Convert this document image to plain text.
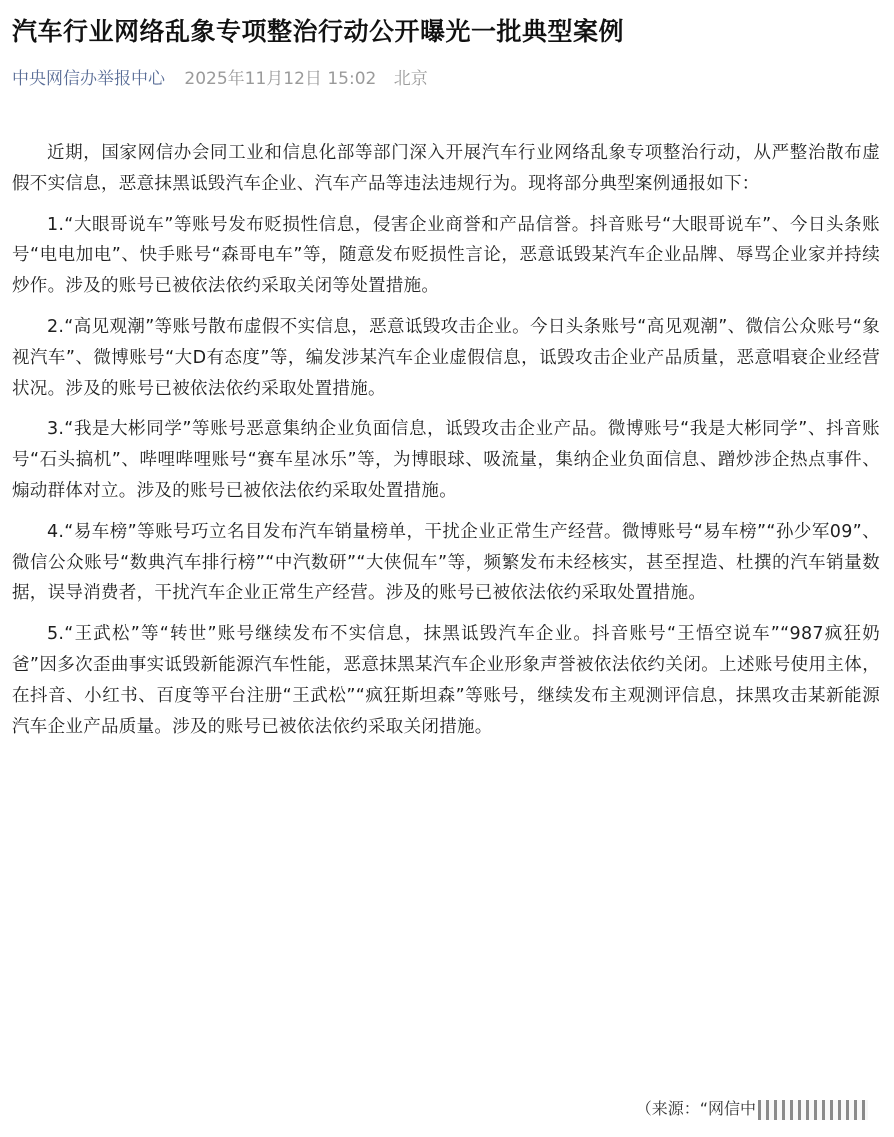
汽车行业网络乱象专项整治行动公开曝光一批典型案例
中央网信办举报中心 2025年11月12日 15:02 北京

近期，国家网信办会同工业和信息化部等部门深入开展汽车行业网络乱象专项整治行动，从严整治散布虚假不实信息，恶意抹黑诋毁汽车企业、汽车产品等违法违规行为。现将部分典型案例通报如下：

1.“大眼哥说车”等账号发布贬损性信息，侵害企业商誉和产品信誉。抖音账号“大眼哥说车”、今日头条账号“电电加电”、快手账号“森哥电车”等，随意发布贬损性言论，恶意诋毁某汽车企业品牌、辱骂企业家并持续炒作。涉及的账号已被依法依约采取关闭等处置措施。

2.“高见观潮”等账号散布虚假不实信息，恶意诋毁攻击企业。今日头条账号“高见观潮”、微信公众账号“象视汽车”、微博账号“大D有态度”等，编发涉某汽车企业虚假信息，诋毁攻击企业产品质量，恶意唱衰企业经营状况。涉及的账号已被依法依约采取处置措施。

3.“我是大彬同学”等账号恶意集纳企业负面信息，诋毁攻击企业产品。微博账号“我是大彬同学”、抖音账号“石头搞机”、哔哩哔哩账号“赛车星冰乐”等，为博眼球、吸流量，集纳企业负面信息、蹭炒涉企热点事件、煽动群体对立。涉及的账号已被依法依约采取处置措施。

4.“易车榜”等账号巧立名目发布汽车销量榜单，干扰企业正常生产经营。微博账号“易车榜”“孙少军09”、微信公众账号“数典汽车排行榜”“中汽数研”“大侠侃车”等，频繁发布未经核实，甚至捏造、杜撰的汽车销量数据，误导消费者，干扰汽车企业正常生产经营。涉及的账号已被依法依约采取处置措施。

5.“王武松”等“转世”账号继续发布不实信息，抹黑诋毁汽车企业。抖音账号“王悟空说车”“987疯狂奶爸”因多次歪曲事实诋毁新能源汽车性能，恶意抹黑某汽车企业形象声誉被依法依约关闭。上述账号使用主体，在抖音、小红书、百度等平台注册“王武松”“疯狂斯坦森”等账号，继续发布主观测评信息，抹黑攻击某新能源汽车企业产品质量。涉及的账号已被依法依约采取关闭措施。

（来源：“网信中
